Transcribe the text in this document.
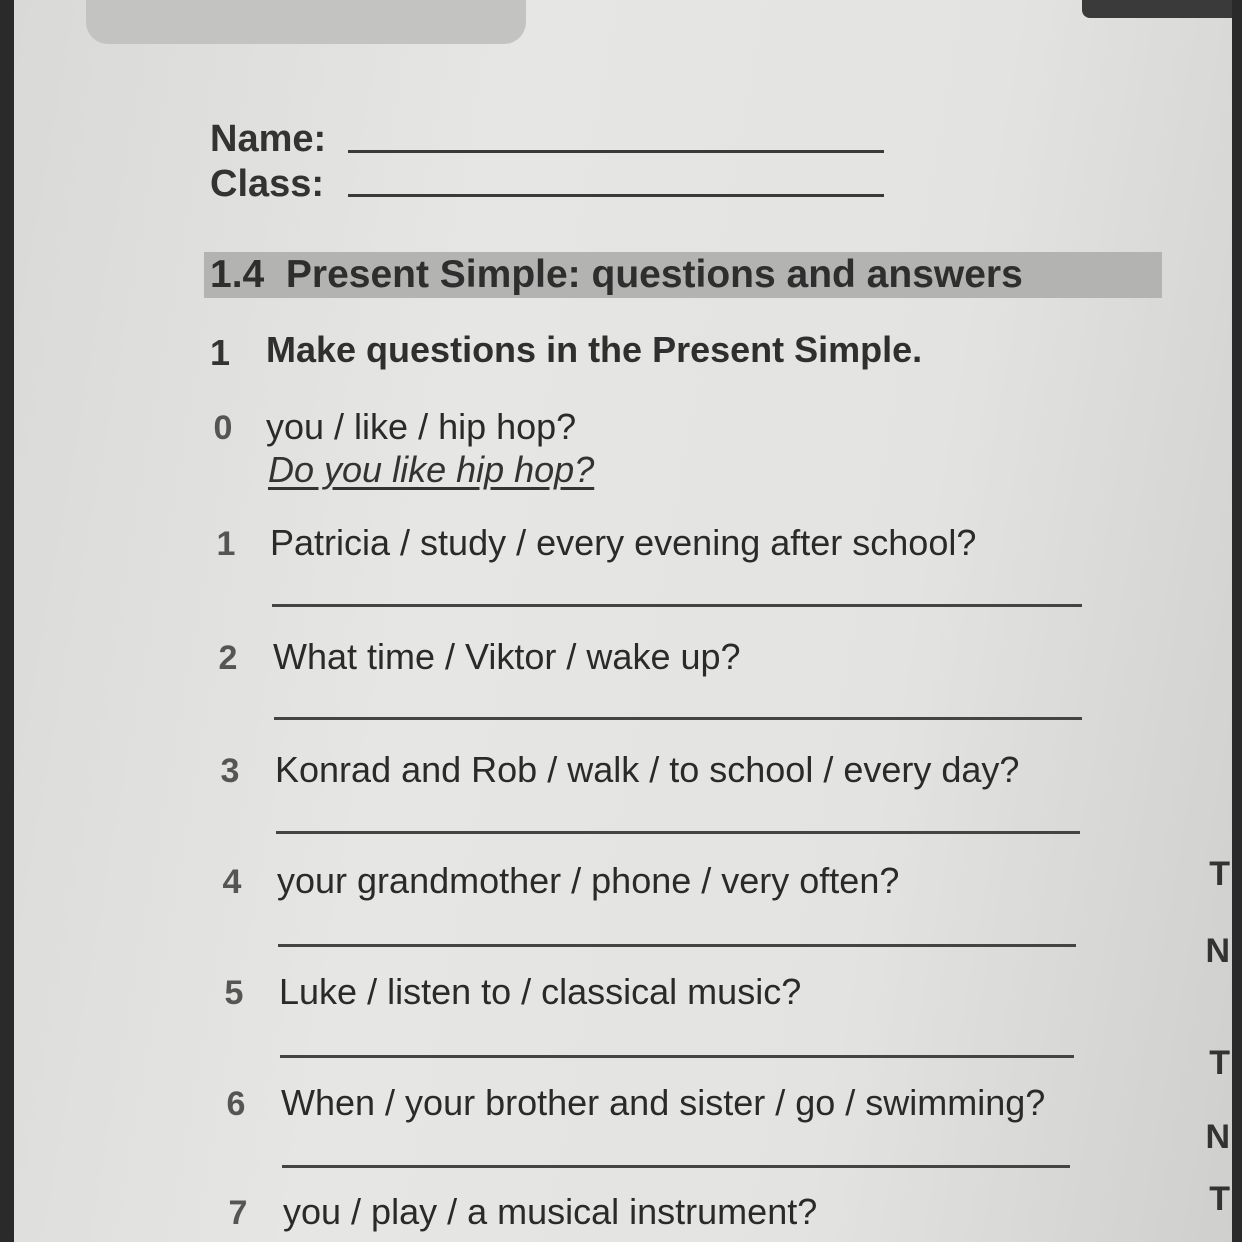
Name:
Class:
1.4 Present Simple: questions and answers
1 Make questions in the Present Simple.
0 you / like / hip hop?
Do you like hip hop?
1 Patricia / study / every evening after school?
2 What time / Viktor / wake up?
3 Konrad and Rob / walk / to school / every day?
4 your grandmother / phone / very often?
5 Luke / listen to / classical music?
6 When / your brother and sister / go / swimming?
7 you / play / a musical instrument?
T
N
T
N
T
